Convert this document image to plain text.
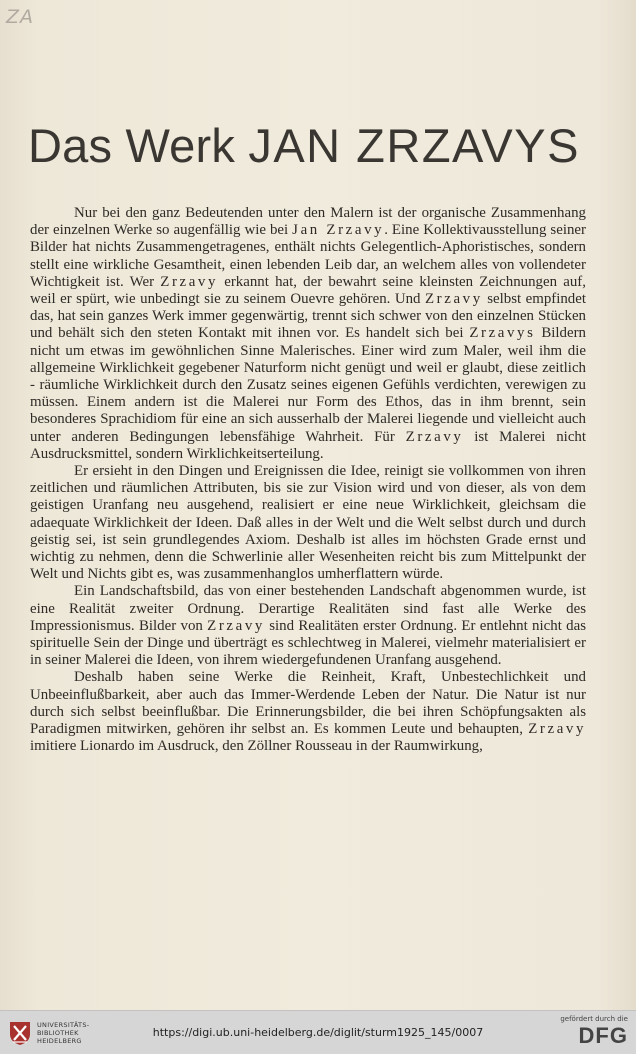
ZA
Das Werk JAN ZRZAVYS

Nur bei den ganz Bedeutenden unter den Malern ist der organische Zusammenhang der einzelnen Werke so augenfällig wie bei Jan Zrzavy. Eine Kollektivausstellung seiner Bilder hat nichts Zusammengetragenes, enthält nichts Gelegentlich-Aphoristisches, sondern stellt eine wirkliche Gesamtheit, einen lebenden Leib dar, an welchem alles von vollendeter Wichtigkeit ist. Wer Zrzavy erkannt hat, der bewahrt seine kleinsten Zeichnungen auf, weil er spürt, wie unbedingt sie zu seinem Ouevre gehören. Und Zrzavy selbst empfindet das, hat sein ganzes Werk immer gegenwärtig, trennt sich schwer von den einzelnen Stücken und behält sich den steten Kontakt mit ihnen vor. Es handelt sich bei Zrzavys Bildern nicht um etwas im gewöhnlichen Sinne Malerisches. Einer wird zum Maler, weil ihm die allgemeine Wirklichkeit gegebener Naturform nicht genügt und weil er glaubt, diese zeitlich - räumliche Wirklichkeit durch den Zusatz seines eigenen Gefühls verdichten, verewigen zu müssen. Einem andern ist die Malerei nur Form des Ethos, das in ihm brennt, sein besonderes Sprachidiom für eine an sich ausserhalb der Malerei liegende und vielleicht auch unter anderen Bedingungen lebensfähige Wahrheit. Für Zrzavy ist Malerei nicht Ausdrucksmittel, sondern Wirklichkeitserteilung.

Er ersieht in den Dingen und Ereignissen die Idee, reinigt sie vollkommen von ihren zeitlichen und räumlichen Attributen, bis sie zur Vision wird und von dieser, als von dem geistigen Uranfang neu ausgehend, realisiert er eine neue Wirklichkeit, gleichsam die adaequate Wirklichkeit der Ideen. Daß alles in der Welt und die Welt selbst durch und durch geistig sei, ist sein grundlegendes Axiom. Deshalb ist alles im höchsten Grade ernst und wichtig zu nehmen, denn die Schwerlinie aller Wesenheiten reicht bis zum Mittelpunkt der Welt und Nichts gibt es, was zusammenhanglos umherflattern würde.

Ein Landschaftsbild, das von einer bestehenden Landschaft abgenommen wurde, ist eine Realität zweiter Ordnung. Derartige Realitäten sind fast alle Werke des Impressionismus. Bilder von Zrzavy sind Realitäten erster Ordnung. Er entlehnt nicht das spirituelle Sein der Dinge und überträgt es schlechtweg in Malerei, vielmehr materialisiert er in seiner Malerei die Ideen, von ihrem wiedergefundenen Uranfang ausgehend.

Deshalb haben seine Werke die Reinheit, Kraft, Unbestechlichkeit und Unbeeinflußbarkeit, aber auch das Immer-Werdende Leben der Natur. Die Natur ist nur durch sich selbst beeinflußbar. Die Erinnerungsbilder, die bei ihren Schöpfungsakten als Paradigmen mitwirken, gehören ihr selbst an. Es kommen Leute und behaupten, Zrzavy imitiere Lionardo im Ausdruck, den Zöllner Rousseau in der Raumwirkung,

UNIVERSITÄTS-
BIBLIOTHEK
HEIDELBERG
https://digi.ub.uni-heidelberg.de/diglit/sturm1925_145/0007
gefördert durch die
DFG
